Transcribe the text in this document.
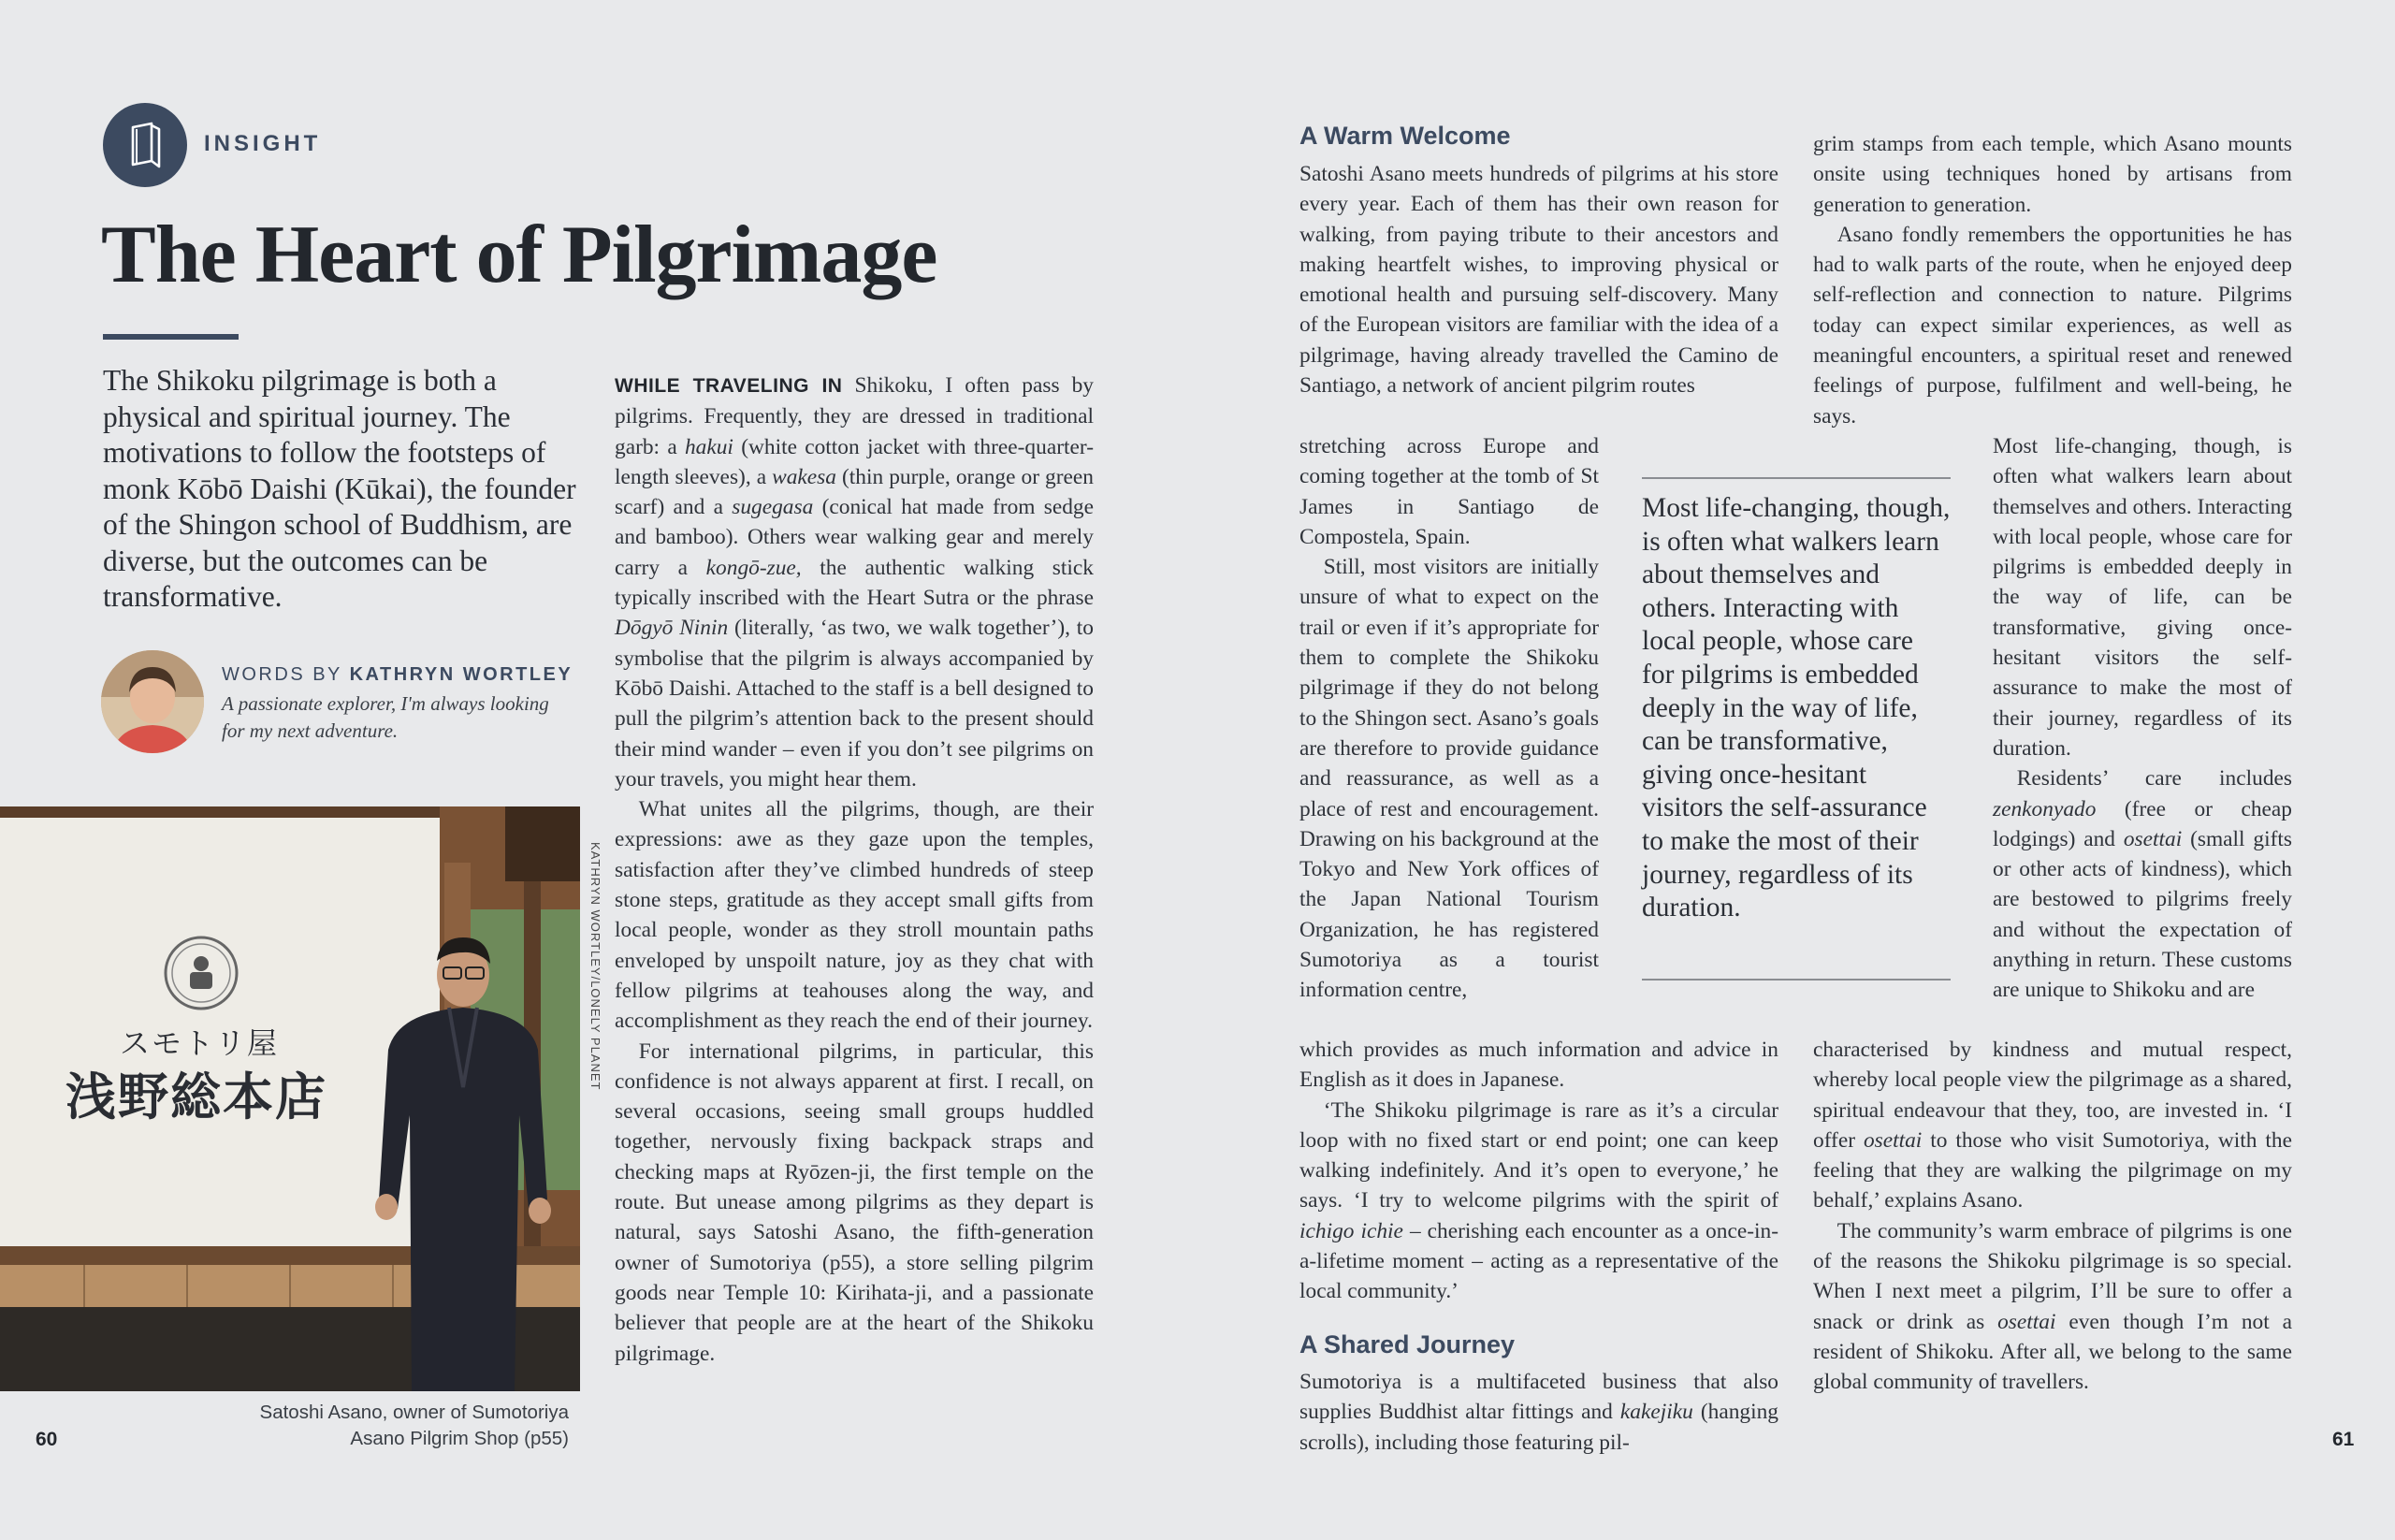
INSIGHT
The Heart of Pilgrimage
The Shikoku pilgrimage is both a physical and spiritual journey. The motivations to follow the footsteps of monk Kōbō Daishi (Kūkai), the founder of the Shingon school of Buddhism, are diverse, but the outcomes can be transformative.
WORDS BY KATHRYN WORTLEY
A passionate explorer, I'm always looking for my next adventure.
スモトリ屋
浅野総本店
KATHRYN WORTLEY/LONELY PLANET
Satoshi Asano, owner of Sumotoriya Asano Pilgrim Shop (p55)
60

WHILE TRAVELING IN Shikoku, I often pass by pilgrims. Frequently, they are dressed in traditional garb: a hakui (white cotton jacket with three-quarter-length sleeves), a wakesa (thin purple, orange or green scarf) and a sugegasa (conical hat made from sedge and bamboo). Others wear walking gear and merely carry a kongō-zue, the authentic walking stick typically inscribed with the Heart Sutra or the phrase Dōgyō Ninin (literally, ‘as two, we walk together’), to symbolise that the pilgrim is always accompanied by Kōbō Daishi. Attached to the staff is a bell designed to pull the pilgrim’s attention back to the present should their mind wander – even if you don’t see pilgrims on your travels, you might hear them.

What unites all the pilgrims, though, are their expressions: awe as they gaze upon the temples, satisfaction after they’ve climbed hundreds of steep stone steps, gratitude as they accept small gifts from local people, wonder as they stroll mountain paths enveloped by unspoilt nature, joy as they chat with fellow pilgrims at teahouses along the way, and accomplishment as they reach the end of their journey.

For international pilgrims, in particular, this confidence is not always apparent at first. I recall, on several occasions, seeing small groups huddled together, nervously fixing backpack straps and checking maps at Ryōzen-ji, the first temple on the route. But unease among pilgrims as they depart is natural, says Satoshi Asano, the fifth-generation owner of Sumotoriya (p55), a store selling pilgrim goods near Temple 10: Kirihata-ji, and a passionate believer that people are at the heart of the Shikoku pilgrimage.

A Warm Welcome

Satoshi Asano meets hundreds of pilgrims at his store every year. Each of them has their own reason for walking, from paying tribute to their ancestors and making heartfelt wishes, to improving physical or emotional health and pursuing self-discovery. Many of the European visitors are familiar with the idea of a pilgrimage, having already travelled the Camino de Santiago, a network of ancient pilgrim routes

stretching across Europe and coming together at the tomb of St James in Santiago de Compostela, Spain.

Still, most visitors are initially unsure of what to expect on the trail or even if it’s appropriate for them to complete the Shikoku pilgrimage if they do not belong to the Shingon sect. Asano’s goals are therefore to provide guidance and reassurance, as well as a place of rest and encouragement. Drawing on his background at the Tokyo and New York offices of the Japan National Tourism Organization, he has registered Sumotoriya as a tourist information centre,

which provides as much information and advice in English as it does in Japanese.

‘The Shikoku pilgrimage is rare as it’s a circular loop with no fixed start or end point; one can keep walking indefinitely. And it’s open to everyone,’ he says. ‘I try to welcome pilgrims with the spirit of ichigo ichie – cherishing each encounter as a once-in-a-lifetime moment – acting as a representative of the local community.’

A Shared Journey

Sumotoriya is a multifaceted business that also supplies Buddhist altar fittings and kakejiku (hanging scrolls), including those featuring pil-

Most life-changing, though, is often what walkers learn about themselves and others. Interacting with local people, whose care for pilgrims is embedded deeply in the way of life, can be transformative, giving once-hesitant visitors the self-assurance to make the most of their journey, regardless of its duration.

grim stamps from each temple, which Asano mounts onsite using techniques honed by artisans from generation to generation.

Asano fondly remembers the opportunities he has had to walk parts of the route, when he enjoyed deep self-reflection and connection to nature. Pilgrims today can expect similar experiences, as well as meaningful encounters, a spiritual reset and renewed feelings of purpose, fulfilment and well-being, he says.

Most life-changing, though, is often what walkers learn about themselves and others. Interacting with local people, whose care for pilgrims is embedded deeply in the way of life, can be transformative, giving once-hesitant visitors the self-assurance to make the most of their journey, regardless of its duration.

Residents’ care includes zenkonyado (free or cheap lodgings) and osettai (small gifts or other acts of kindness), which are bestowed to pilgrims freely and without the expectation of anything in return. These customs are unique to Shikoku and are

characterised by kindness and mutual respect, whereby local people view the pilgrimage as a shared, spiritual endeavour that they, too, are invested in. ‘I offer osettai to those who visit Sumotoriya, with the feeling that they are walking the pilgrimage on my behalf,’ explains Asano.

The community’s warm embrace of pilgrims is one of the reasons the Shikoku pilgrimage is so special. When I next meet a pilgrim, I’ll be sure to offer a snack or drink as osettai even though I’m not a resident of Shikoku. After all, we belong to the same global community of travellers.

61
